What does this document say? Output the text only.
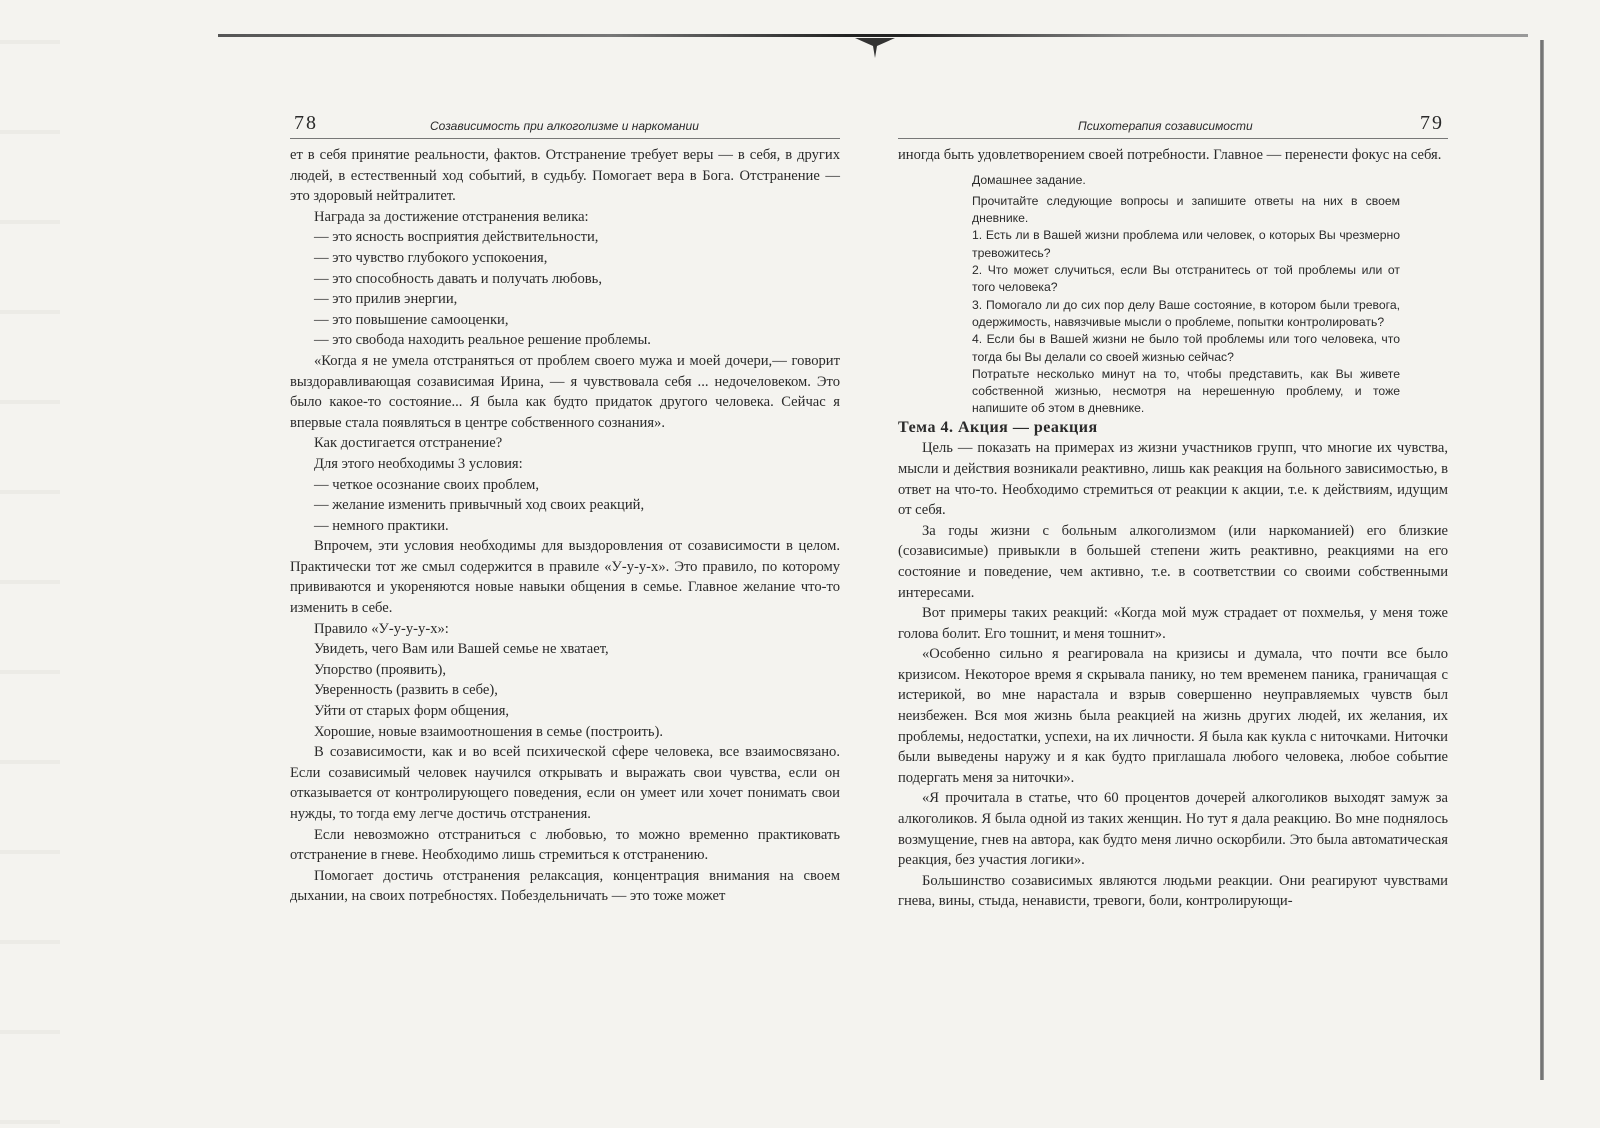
78	Созависимость при алкоголизме и наркомании

ет в себя принятие реальности, фактов. Отстранение требует веры — в себя, в других людей, в естественный ход событий, в судьбу. Помогает вера в Бога. Отстранение — это здоровый нейтралитет.

Награда за достижение отстранения велика:

— это ясность восприятия действительности,

— это чувство глубокого успокоения,

— это способность давать и получать любовь,

— это прилив энергии,

— это повышение самооценки,

— это свобода находить реальное решение проблемы.

«Когда я не умела отстраняться от проблем своего мужа и моей дочери,— говорит выздоравливающая созависимая Ирина, — я чувствовала себя ... недочеловеком. Это было какое-то состояние... Я была как будто придаток другого человека. Сейчас я впервые стала появляться в центре собственного сознания».

Как достигается отстранение?

Для этого необходимы 3 условия:

— четкое осознание своих проблем,

— желание изменить привычный ход своих реакций,

— немного практики.

Впрочем, эти условия необходимы для выздоровления от созависимости в целом. Практически тот же смыл содержится в правиле «У-у-у-х». Это правило, по которому прививаются и укореняются новые навыки общения в семье. Главное желание что-то изменить в себе.

Правило «У-у-у-у-х»:

Увидеть, чего Вам или Вашей семье не хватает,

Упорство (проявить),

Уверенность (развить в себе),

Уйти от старых форм общения,

Хорошие, новые взаимоотношения в семье (построить).

В созависимости, как и во всей психической сфере человека, все взаимосвязано. Если созависимый человек научился открывать и выражать свои чувства, если он отказывается от контролирующего поведения, если он умеет или хочет понимать свои нужды, то тогда ему легче достичь отстранения.

Если невозможно отстраниться с любовью, то можно временно практиковать отстранение в гневе. Необходимо лишь стремиться к отстранению.

Помогает достичь отстранения релаксация, концентрация внимания на своем дыхании, на своих потребностях. Побездельничать — это тоже может

Психотерапия созависимости	79

иногда быть удовлетворением своей потребности. Главное — перенести фокус на себя.

Домашнее задание.

Прочитайте следующие вопросы и запишите ответы на них в своем дневнике.

1. Есть ли в Вашей жизни проблема или человек, о которых Вы чрезмерно тревожитесь?

2. Что может случиться, если Вы отстранитесь от той проблемы или от того человека?

3. Помогало ли до сих пор делу Ваше состояние, в котором были тревога, одержимость, навязчивые мысли о проблеме, попытки контролировать?

4. Если бы в Вашей жизни не было той проблемы или того человека, что тогда бы Вы делали со своей жизнью сейчас?

Потратьте несколько минут на то, чтобы представить, как Вы живете собственной жизнью, несмотря на нерешенную проблему, и тоже напишите об этом в дневнике.

Тема 4. Акция — реакция

Цель — показать на примерах из жизни участников групп, что многие их чувства, мысли и действия возникали реактивно, лишь как реакция на больного зависимостью, в ответ на что-то. Необходимо стремиться от реакции к акции, т.е. к действиям, идущим от себя.

За годы жизни с больным алкоголизмом (или наркоманией) его близкие (созависимые) привыкли в большей степени жить реактивно, реакциями на его состояние и поведение, чем активно, т.е. в соответствии со своими собственными интересами.

Вот примеры таких реакций: «Когда мой муж страдает от похмелья, у меня тоже голова болит. Его тошнит, и меня тошнит».

«Особенно сильно я реагировала на кризисы и думала, что почти все было кризисом. Некоторое время я скрывала панику, но тем временем паника, граничащая с истерикой, во мне нарастала и взрыв совершенно неуправляемых чувств был неизбежен. Вся моя жизнь была реакцией на жизнь других людей, их желания, их проблемы, недостатки, успехи, на их личности. Я была как кукла с ниточками. Ниточки были выведены наружу и я как будто приглашала любого человека, любое событие подергать меня за ниточки».

«Я прочитала в статье, что 60 процентов дочерей алкоголиков выходят замуж за алкоголиков. Я была одной из таких женщин. Но тут я дала реакцию. Во мне поднялось возмущение, гнев на автора, как будто меня лично оскорбили. Это была автоматическая реакция, без участия логики».

Большинство созависимых являются людьми реакции. Они реагируют чувствами гнева, вины, стыда, ненависти, тревоги, боли, контролирующи-
